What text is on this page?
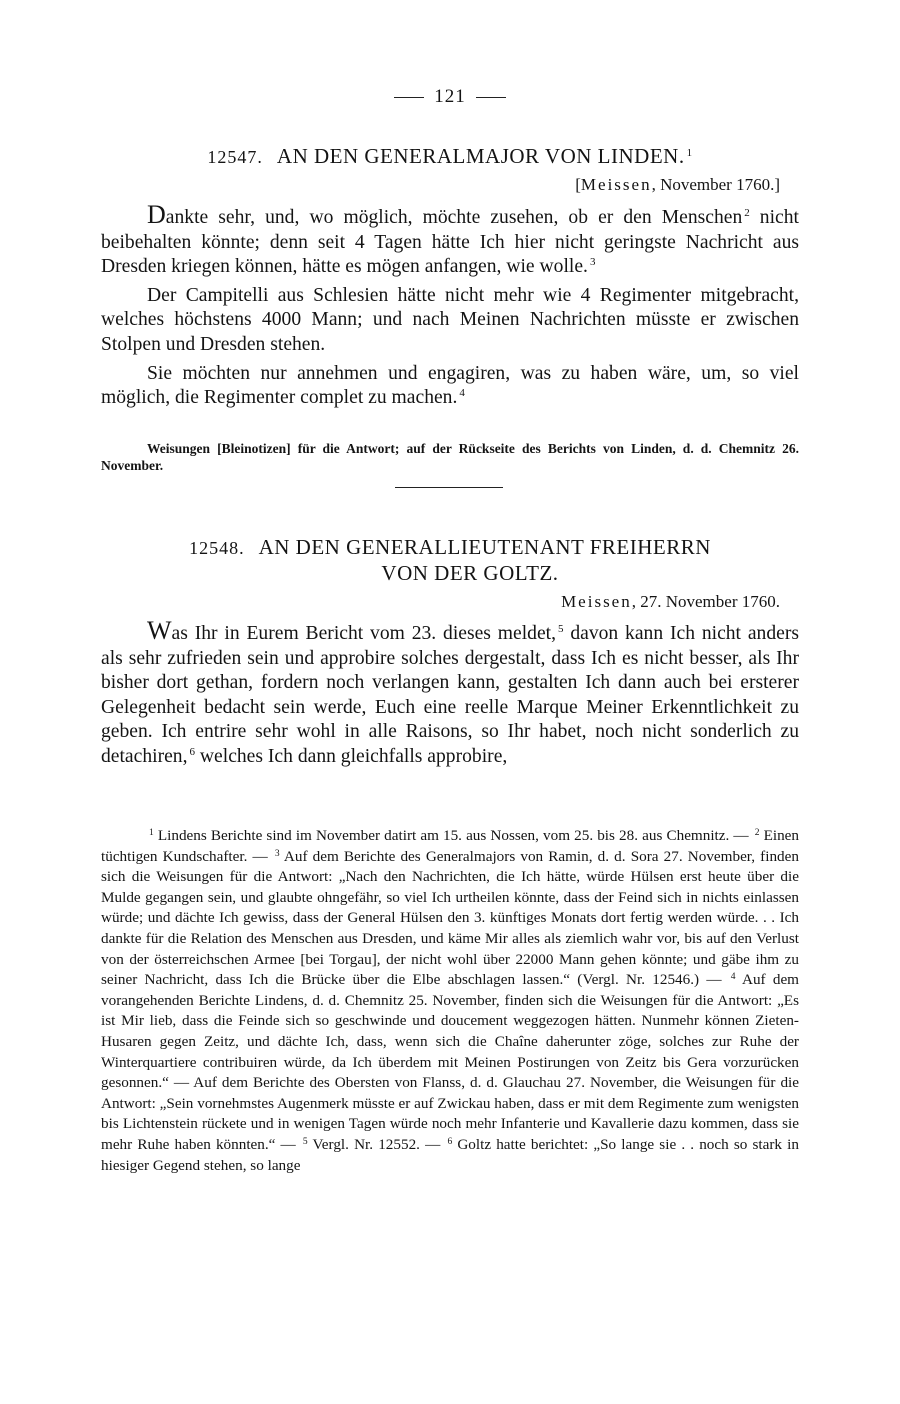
121
12547. AN DEN GENERALMAJOR VON LINDEN. $^1$
[Meissen, November 1760.]

Dankte sehr, und, wo möglich, möchte zusehen, ob er den Menschen $^2$ nicht beibehalten könnte; denn seit 4 Tagen hätte Ich hier nicht geringste Nachricht aus Dresden kriegen können, hätte es mögen anfangen, wie wolle. $^3$

Der Campitelli aus Schlesien hätte nicht mehr wie 4 Regimenter mitgebracht, welches höchstens 4000 Mann; und nach Meinen Nachrichten müsste er zwischen Stolpen und Dresden stehen.

Sie möchten nur annehmen und engagiren, was zu haben wäre, um, so viel möglich, die Regimenter complet zu machen. $^4$

Weisungen [Bleinotizen] für die Antwort; auf der Rückseite des Berichts von Linden, d. d. Chemnitz 26. November.

12548. AN DEN GENERALLIEUTENANT FREIHERRN
VON DER GOLTZ.
Meissen, 27. November 1760.

Was Ihr in Eurem Bericht vom 23. dieses meldet, $^5$ davon kann Ich nicht anders als sehr zufrieden sein und approbire solches dergestalt, dass Ich es nicht besser, als Ihr bisher dort gethan, fordern noch verlangen kann, gestalten Ich dann auch bei ersterer Gelegenheit bedacht sein werde, Euch eine reelle Marque Meiner Erkenntlichkeit zu geben. Ich entrire sehr wohl in alle Raisons, so Ihr habet, noch nicht sonderlich zu detachiren, $^6$ welches Ich dann gleichfalls approbire,

$^1$ Lindens Berichte sind im November datirt am 15. aus Nossen, vom 25. bis 28. aus Chemnitz. — $^2$ Einen tüchtigen Kundschafter. — $^3$ Auf dem Berichte des Generalmajors von Ramin, d. d. Sora 27. November, finden sich die Weisungen für die Antwort: „Nach den Nachrichten, die Ich hätte, würde Hülsen erst heute über die Mulde gegangen sein, und glaubte ohngefähr, so viel Ich urtheilen könnte, dass der Feind sich in nichts einlassen würde; und dächte Ich gewiss, dass der General Hülsen den 3. künftiges Monats dort fertig werden würde. . . Ich dankte für die Relation des Menschen aus Dresden, und käme Mir alles als ziemlich wahr vor, bis auf den Verlust von der österreichschen Armee [bei Torgau], der nicht wohl über 22000 Mann gehen könnte; und gäbe ihm zu seiner Nachricht, dass Ich die Brücke über die Elbe abschlagen lassen.“ (Vergl. Nr. 12546.) — $^4$ Auf dem vorangehenden Berichte Lindens, d. d. Chemnitz 25. November, finden sich die Weisungen für die Antwort: „Es ist Mir lieb, dass die Feinde sich so geschwinde und doucement weggezogen hätten. Nunmehr können Zieten-Husaren gegen Zeitz, und dächte Ich, dass, wenn sich die Chaîne daherunter zöge, solches zur Ruhe der Winterquartiere contribuiren würde, da Ich überdem mit Meinen Postirungen von Zeitz bis Gera vorzurücken gesonnen.“ — Auf dem Berichte des Obersten von Flanss, d. d. Glauchau 27. November, die Weisungen für die Antwort: „Sein vornehmstes Augenmerk müsste er auf Zwickau haben, dass er mit dem Regimente zum wenigsten bis Lichtenstein rückete und in wenigen Tagen würde noch mehr Infanterie und Kavallerie dazu kommen, dass sie mehr Ruhe haben könnten.“ — $^5$ Vergl. Nr. 12552. — $^6$ Goltz hatte berichtet: „So lange sie . . noch so stark in hiesiger Gegend stehen, so lange
